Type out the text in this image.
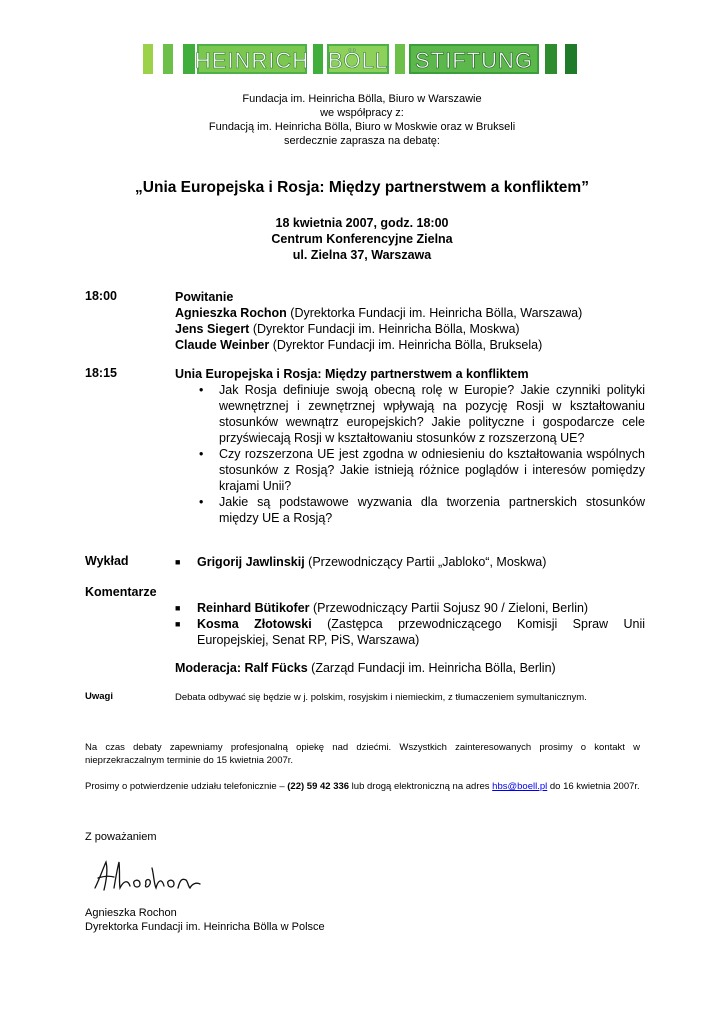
HEINRICH BÖLL STIFTUNG
Fundacja im. Heinricha Bölla, Biuro w Warszawie
we współpracy z:
Fundacją im. Heinricha Bölla, Biuro w Moskwie oraz w Brukseli
serdecznie zaprasza na debatę:
„Unia Europejska i Rosja: Między partnerstwem a konfliktem”
18 kwietnia 2007, godz. 18:00
Centrum Konferencyjne Zielna
ul. Zielna 37, Warszawa
18:00	Powitanie
Agnieszka Rochon (Dyrektorka Fundacji im. Heinricha Bölla, Warszawa)
Jens Siegert (Dyrektor Fundacji im. Heinricha Bölla, Moskwa)
Claude Weinber (Dyrektor Fundacji im. Heinricha Bölla, Bruksela)
18:15	Unia Europejska i Rosja: Między partnerstwem a konfliktem
• Jak Rosja definiuje swoją obecną rolę w Europie? Jakie czynniki polityki wewnętrznej i zewnętrznej wpływają na pozycję Rosji w kształtowaniu stosunków wewnątrz europejskich? Jakie polityczne i gospodarcze cele przyświecają Rosji w kształtowaniu stosunków z rozszerzoną UE?
• Czy rozszerzona UE jest zgodna w odniesieniu do kształtowania wspólnych stosunków z Rosją? Jakie istnieją różnice poglądów i interesów pomiędzy krajami Unii?
• Jakie są podstawowe wyzwania dla tworzenia partnerskich stosunków między UE a Rosją?
Wykład	■ Grigorij Jawlinskij (Przewodniczący Partii „Jabloko“, Moskwa)
Komentarze
■ Reinhard Bütikofer (Przewodniczący Partii Sojusz 90 / Zieloni, Berlin)
■ Kosma Złotowski (Zastępca przewodniczącego Komisji Spraw Unii Europejskiej, Senat RP, PiS, Warszawa)
Moderacja: Ralf Fücks (Zarząd Fundacji im. Heinricha Bölla, Berlin)
Uwagi	Debata odbywać się będzie w j. polskim, rosyjskim i niemieckim, z tłumaczeniem symultanicznym.
Na czas debaty zapewniamy profesjonalną opiekę nad dziećmi. Wszystkich zainteresowanych prosimy o kontakt w nieprzekraczalnym terminie do 15 kwietnia 2007r.
Prosimy o potwierdzenie udziału telefonicznie – (22) 59 42 336 lub drogą elektroniczną na adres hbs@boell.pl do 16 kwietnia 2007r.
Z poważaniem
Agnieszka Rochon
Dyrektorka Fundacji im. Heinricha Bölla w Polsce
